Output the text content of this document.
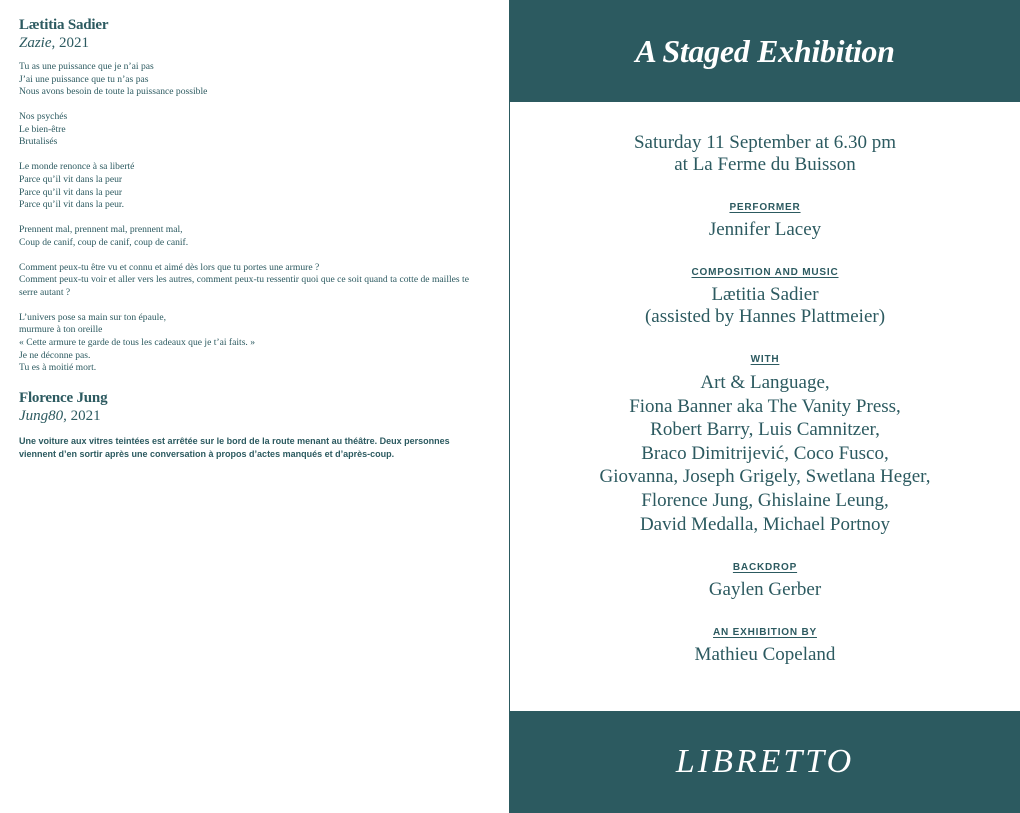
Lætitia Sadier
Zazie, 2021
Tu as une puissance que je n’ai pas
J’ai une puissance que tu n’as pas
Nous avons besoin de toute la puissance possible
Nos psychés
Le bien-être
Brutalisés
Le monde renonce à sa liberté
Parce qu’il vit dans la peur
Parce qu’il vit dans la peur
Parce qu’il vit dans la peur.
Prennent mal, prennent mal, prennent mal,
Coup de canif, coup de canif, coup de canif.
Comment peux-tu être vu et connu et aimé dès lors que tu portes une armure ?
Comment peux-tu voir et aller vers les autres, comment peux-tu ressentir quoi que ce soit quand ta cotte de mailles te serre autant ?
L’univers pose sa main sur ton épaule,
murmure à ton oreille
« Cette armure te garde de tous les cadeaux que je t’ai faits. »
Je ne déconne pas.
Tu es à moitié mort.
Florence Jung
Jung80, 2021
Une voiture aux vitres teintées est arrêtée sur le bord de la route menant au théâtre. Deux personnes viennent d’en sortir après une conversation à propos d’actes manqués et d’après-coup.
A Staged Exhibition
Saturday 11 September at 6.30 pm
at La Ferme du Buisson
PERFORMER
Jennifer Lacey
COMPOSITION AND MUSIC
Lætitia Sadier
(assisted by Hannes Plattmeier)
WITH
Art & Language,
Fiona Banner aka The Vanity Press,
Robert Barry, Luis Camnitzer,
Braco Dimitrijević, Coco Fusco,
Giovanna, Joseph Grigely, Swetlana Heger,
Florence Jung, Ghislaine Leung,
David Medalla, Michael Portnoy
BACKDROP
Gaylen Gerber
AN EXHIBITION BY
Mathieu Copeland
LIBRETTO
